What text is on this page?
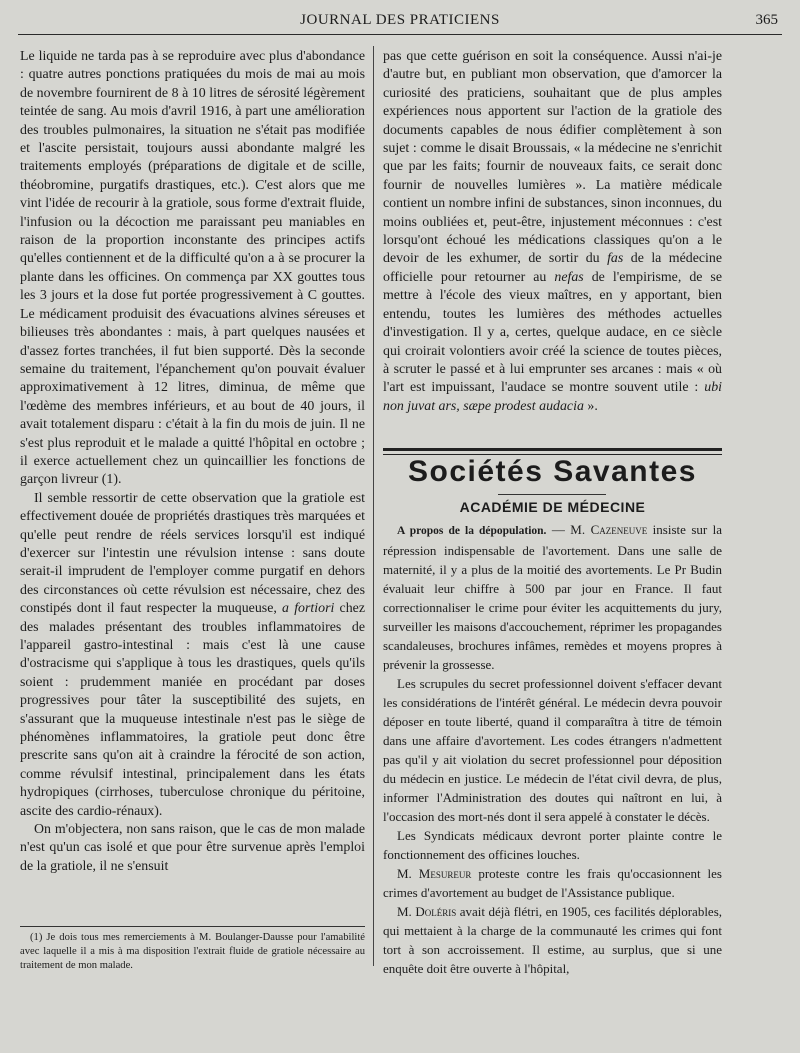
JOURNAL DES PRATICIENS	365

Le liquide ne tarda pas à se reproduire avec plus d'abondance : quatre autres ponctions pratiquées du mois de mai au mois de novembre fournirent de 8 à 10 litres de sérosité légèrement teintée de sang. Au mois d'avril 1916, à part une amélioration des troubles pulmonaires, la situation ne s'était pas modifiée et l'ascite persistait, toujours aussi abondante malgré les traitements employés (préparations de digitale et de scille, théobromine, purgatifs drastiques, etc.). C'est alors que me vint l'idée de recourir à la gratiole, sous forme d'extrait fluide, l'infusion ou la décoction me paraissant peu maniables en raison de la proportion inconstante des principes actifs qu'elles contiennent et de la difficulté qu'on a à se procurer la plante dans les officines. On commença par XX gouttes tous les 3 jours et la dose fut portée progressivement à C gouttes. Le médicament produisit des évacuations alvines séreuses et bilieuses très abondantes : mais, à part quelques nausées et d'assez fortes tranchées, il fut bien supporté. Dès la seconde semaine du traitement, l'épanchement qu'on pouvait évaluer approximativement à 12 litres, diminua, de même que l'œdème des membres inférieurs, et au bout de 40 jours, il avait totalement disparu : c'était à la fin du mois de juin. Il ne s'est plus reproduit et le malade a quitté l'hôpital en octobre ; il exerce actuellement chez un quincaillier les fonctions de garçon livreur (1).

Il semble ressortir de cette observation que la gratiole est effectivement douée de propriétés drastiques très marquées et qu'elle peut rendre de réels services lorsqu'il est indiqué d'exercer sur l'intestin une révulsion intense : sans doute serait-il imprudent de l'employer comme purgatif en dehors des circonstances où cette révulsion est nécessaire, chez des constipés dont il faut respecter la muqueuse, a fortiori chez des malades présentant des troubles inflammatoires de l'appareil gastro-intestinal : mais c'est là une cause d'ostracisme qui s'applique à tous les drastiques, quels qu'ils soient : prudemment maniée en procédant par doses progressives pour tâter la susceptibilité des sujets, en s'assurant que la muqueuse intestinale n'est pas le siège de phénomènes inflammatoires, la gratiole peut donc être prescrite sans qu'on ait à craindre la férocité de son action, comme révulsif intestinal, principalement dans les états hydropiques (cirrhoses, tuberculose chronique du péritoine, ascite des cardio-rénaux).

On m'objectera, non sans raison, que le cas de mon malade n'est qu'un cas isolé et que pour être survenue après l'emploi de la gratiole, il ne s'ensuit

(1) Je dois tous mes remerciements à M. Boulanger-Dausse pour l'amabilité avec laquelle il a mis à ma disposition l'extrait fluide de gratiole nécessaire au traitement de mon malade.

pas que cette guérison en soit la conséquence. Aussi n'ai-je d'autre but, en publiant mon observation, que d'amorcer la curiosité des praticiens, souhaitant que de plus amples expériences nous apportent sur l'action de la gratiole des documents capables de nous édifier complètement à son sujet : comme le disait Broussais, « la médecine ne s'enrichit que par les faits; fournir de nouveaux faits, ce serait donc fournir de nouvelles lumières ». La matière médicale contient un nombre infini de substances, sinon inconnues, du moins oubliées et, peut-être, injustement méconnues : c'est lorsqu'ont échoué les médications classiques qu'on a le devoir de les exhumer, de sortir du fas de la médecine officielle pour retourner au nefas de l'empirisme, de se mettre à l'école des vieux maîtres, en y apportant, bien entendu, toutes les lumières des méthodes actuelles d'investigation. Il y a, certes, quelque audace, en ce siècle qui croirait volontiers avoir créé la science de toutes pièces, à scruter le passé et à lui emprunter ses arcanes : mais « où l'art est impuissant, l'audace se montre souvent utile : ubi non juvat ars, sæpe prodest audacia ».

Sociétés Savantes
ACADÉMIE DE MÉDECINE

A propos de la dépopulation. — M. Cazeneuve insiste sur la répression indispensable de l'avortement. Dans une salle de maternité, il y a plus de la moitié des avortements. Le Pr Budin évaluait leur chiffre à 500 par jour en France. Il faut correctionnaliser le crime pour éviter les acquittements du jury, surveiller les maisons d'accouchement, réprimer les propagandes scandaleuses, brochures infâmes, remèdes et moyens propres à prévenir la grossesse.

Les scrupules du secret professionnel doivent s'effacer devant les considérations de l'intérêt général. Le médecin devra pouvoir déposer en toute liberté, quand il comparaîtra à titre de témoin dans une affaire d'avortement. Les codes étrangers n'admettent pas qu'il y ait violation du secret professionnel pour déposition du médecin en justice. Le médecin de l'état civil devra, de plus, informer l'Administration des doutes qui naîtront en lui, à l'occasion des mort-nés dont il sera appelé à constater le décès.

Les Syndicats médicaux devront porter plainte contre le fonctionnement des officines louches.

M. Mesureur proteste contre les frais qu'occasionnent les crimes d'avortement au budget de l'Assistance publique.

M. Doléris avait déjà flétri, en 1905, ces facilités déplorables, qui mettaient à la charge de la communauté les crimes qui font tort à son accroissement. Il estime, au surplus, que si une enquête doit être ouverte à l'hôpital,
